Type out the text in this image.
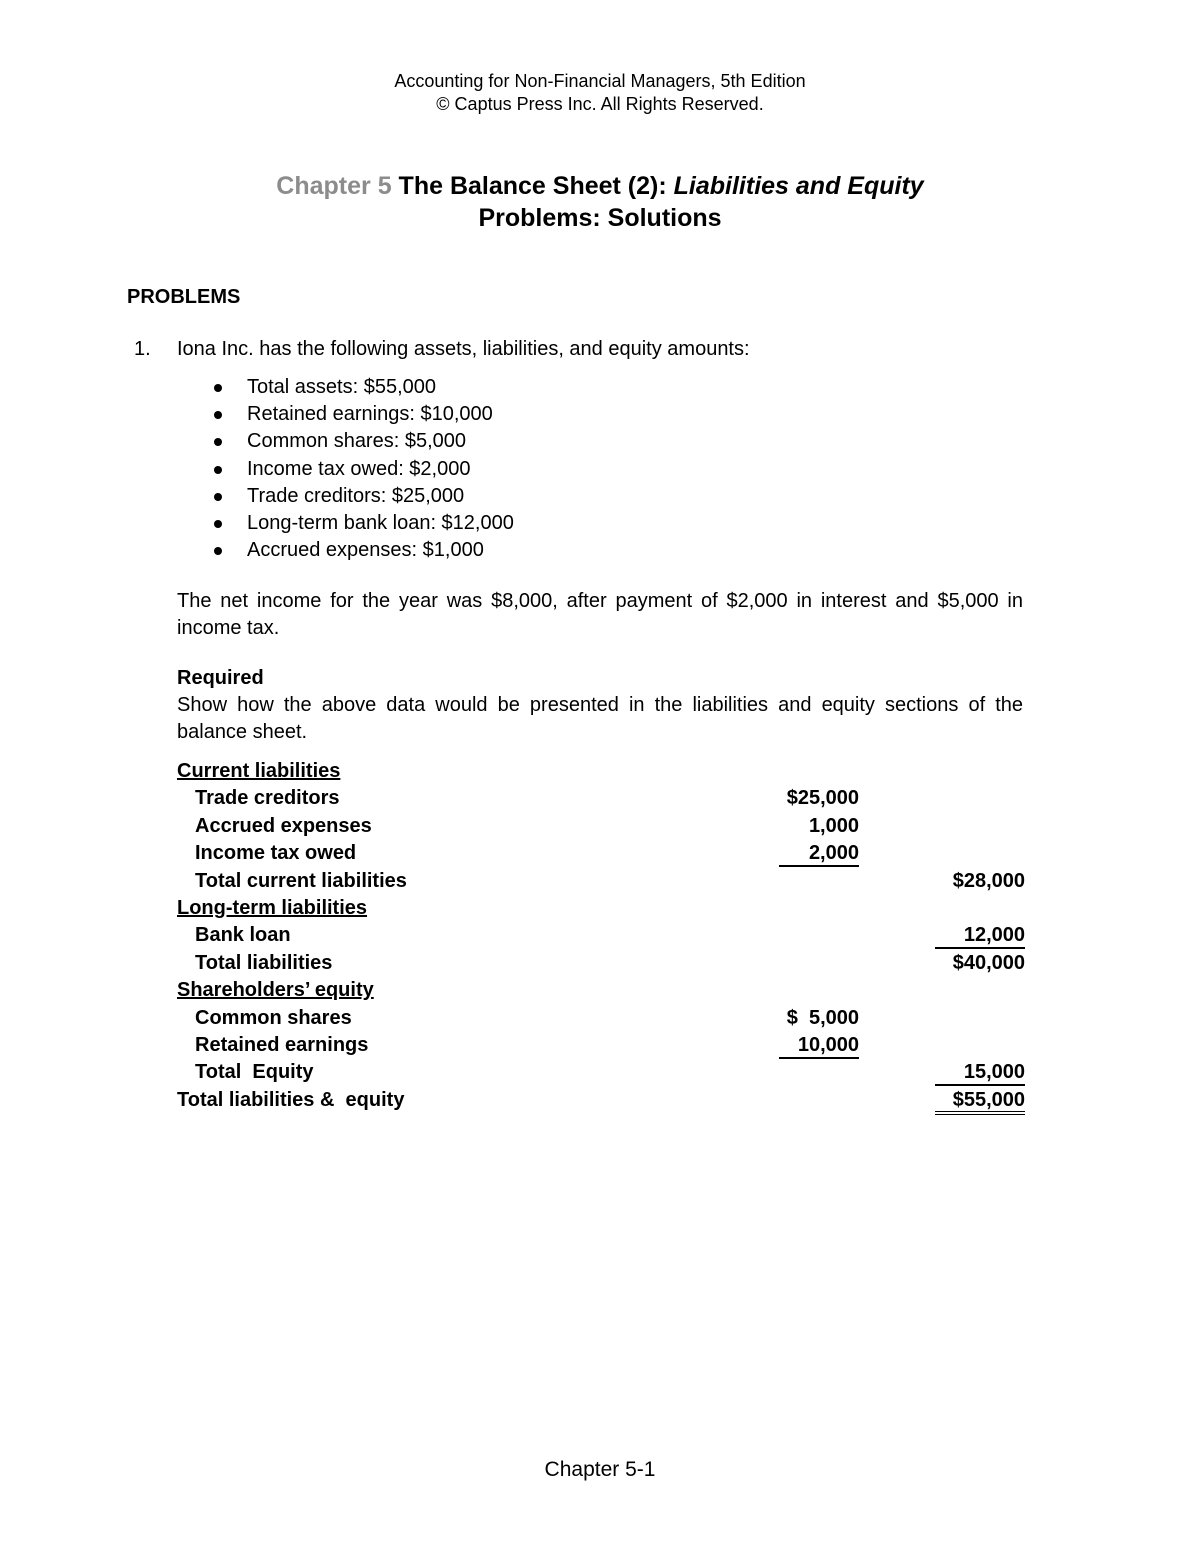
Accounting for Non-Financial Managers, 5th Edition
© Captus Press Inc. All Rights Reserved.
Chapter 5 The Balance Sheet (2): Liabilities and Equity
Problems: Solutions
PROBLEMS
1. Iona Inc. has the following assets, liabilities, and equity amounts:
Total assets: $55,000
Retained earnings: $10,000
Common shares: $5,000
Income tax owed: $2,000
Trade creditors: $25,000
Long-term bank loan: $12,000
Accrued expenses: $1,000
The net income for the year was $8,000, after payment of $2,000 in interest and $5,000 in income tax.
Required
Show how the above data would be presented in the liabilities and equity sections of the balance sheet.
Current liabilities
Trade creditors	$25,000
Accrued expenses	1,000
Income tax owed	2,000
Total current liabilities	$28,000
Long-term liabilities
Bank loan	12,000
Total liabilities	$40,000
Shareholders’ equity
Common shares	$  5,000
Retained earnings	10,000
Total  Equity	15,000
Total liabilities &  equity	$55,000
Chapter 5-1
